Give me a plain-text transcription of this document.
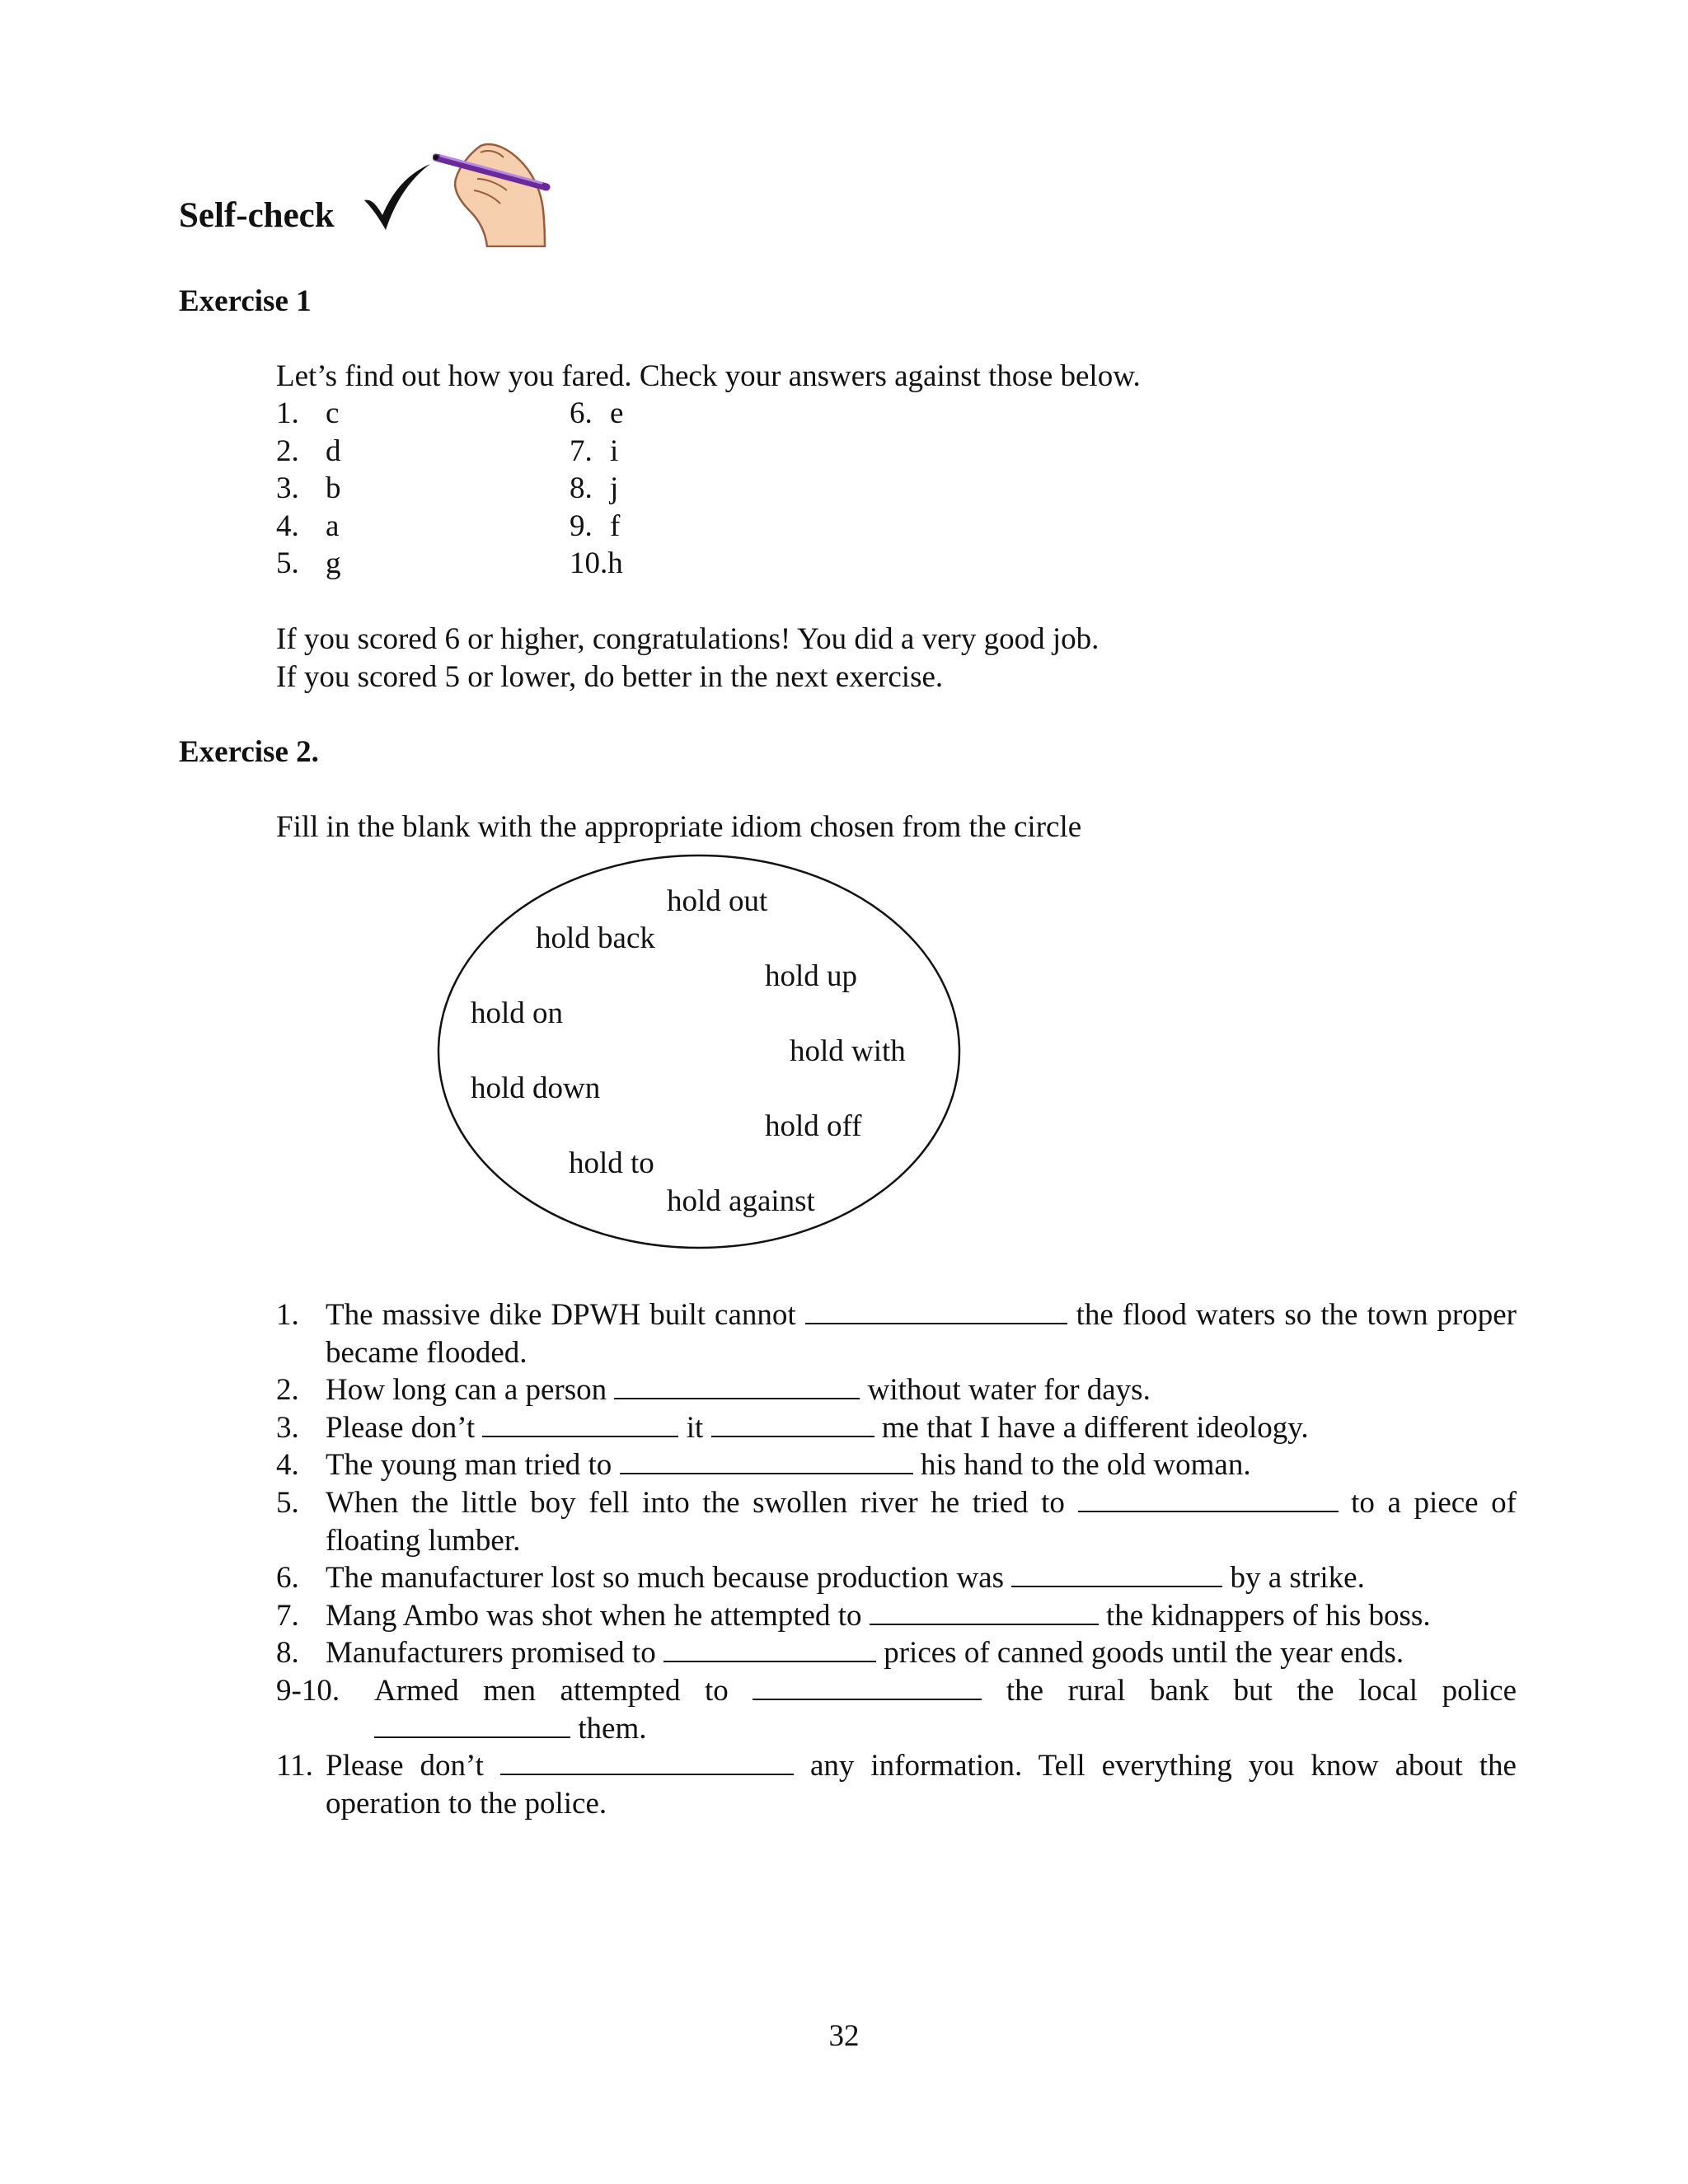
Self-check
Exercise 1
Let’s find out how you fared. Check your answers against those below.
1. c	6. e
2. d	7. i
3. b	8. j
4. a	9. f
5. g	10.h
If you scored 6 or higher, congratulations! You did a very good job.
If you scored 5 or lower, do better in the next exercise.
Exercise 2.
Fill in the blank with the appropriate idiom chosen from the circle
hold out
hold back
hold up
hold on
hold with
hold down
hold off
hold to
hold against
1. The massive dike DPWH built cannot	the flood waters so the town proper became flooded.
2. How long can a person	without water for days.
3. Please don’t	it	me that I have a different ideology.
4. The young man tried to	his hand to the old woman.
5. When the little boy fell into the swollen river he tried to	to a piece of floating lumber.
6. The manufacturer lost so much because production was	by a strike.
7. Mang Ambo was shot when he attempted to	the kidnappers of his boss.
8. Manufacturers promised to	prices of canned goods until the year ends.
9-10. Armed men attempted to	the rural bank but the local police  them.
11. Please don’t	any information. Tell everything you know about the operation to the police.
32
